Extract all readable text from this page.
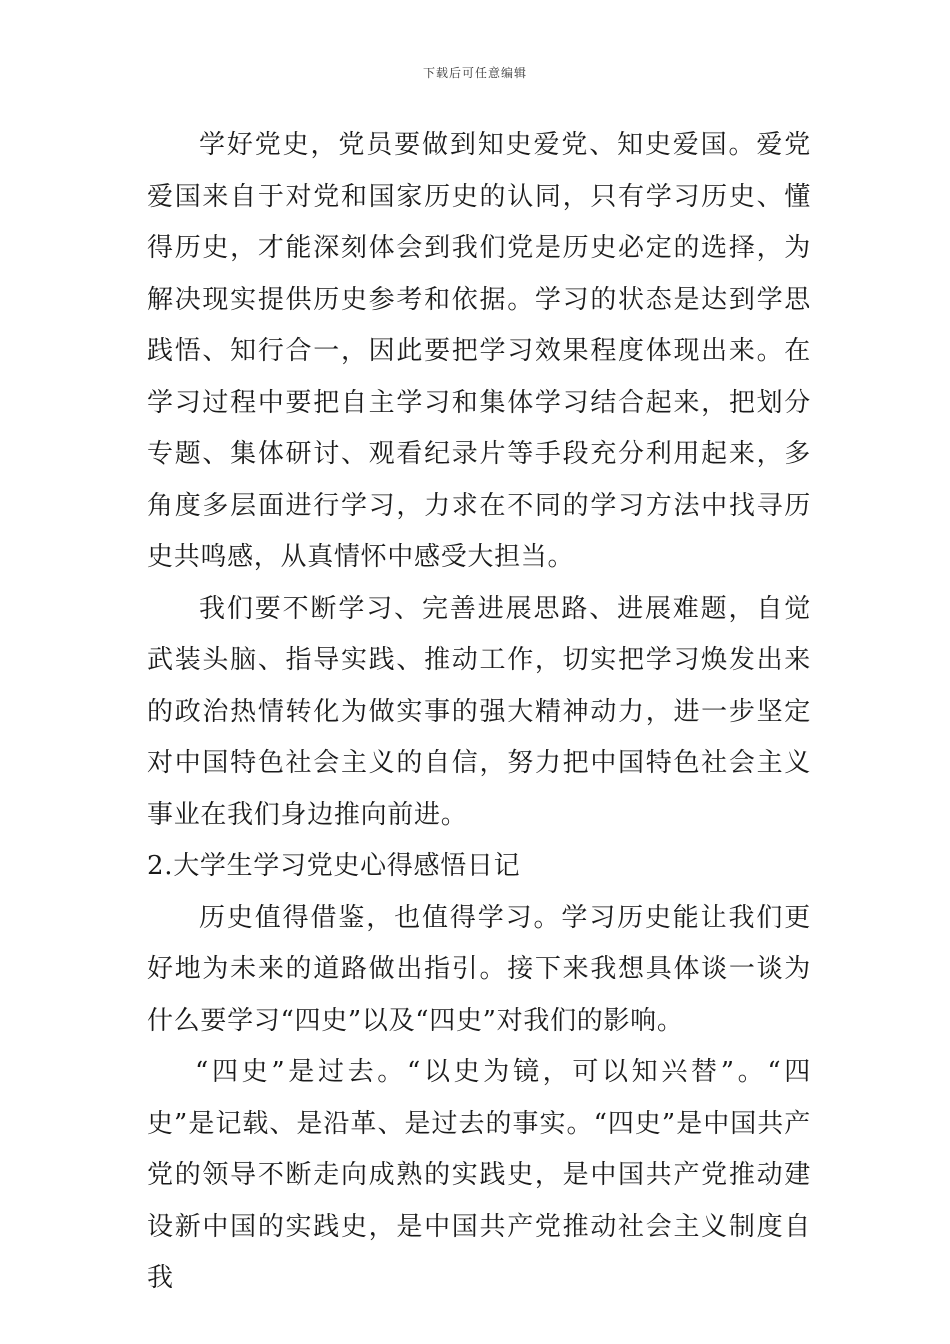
下载后可任意编辑

学好党史，党员要做到知史爱党、知史爱国。爱党爱国来自于对党和国家历史的认同，只有学习历史、懂得历史，才能深刻体会到我们党是历史必定的选择，为解决现实提供历史参考和依据。学习的状态是达到学思践悟、知行合一，因此要把学习效果程度体现出来。在学习过程中要把自主学习和集体学习结合起来，把划分专题、集体研讨、观看纪录片等手段充分利用起来，多角度多层面进行学习，力求在不同的学习方法中找寻历史共鸣感，从真情怀中感受大担当。

我们要不断学习、完善进展思路、进展难题，自觉武装头脑、指导实践、推动工作，切实把学习焕发出来的政治热情转化为做实事的强大精神动力，进一步坚定对中国特色社会主义的自信，努力把中国特色社会主义事业在我们身边推向前进。

2.大学生学习党史心得感悟日记

历史值得借鉴，也值得学习。学习历史能让我们更好地为未来的道路做出指引。接下来我想具体谈一谈为什么要学习“四史”以及“四史”对我们的影响。

“四史”是过去。“以史为镜，可以知兴替”。“四史”是记载、是沿革、是过去的事实。“四史”是中国共产党的领导不断走向成熟的实践史，是中国共产党推动建设新中国的实践史，是中国共产党推动社会主义制度自我
